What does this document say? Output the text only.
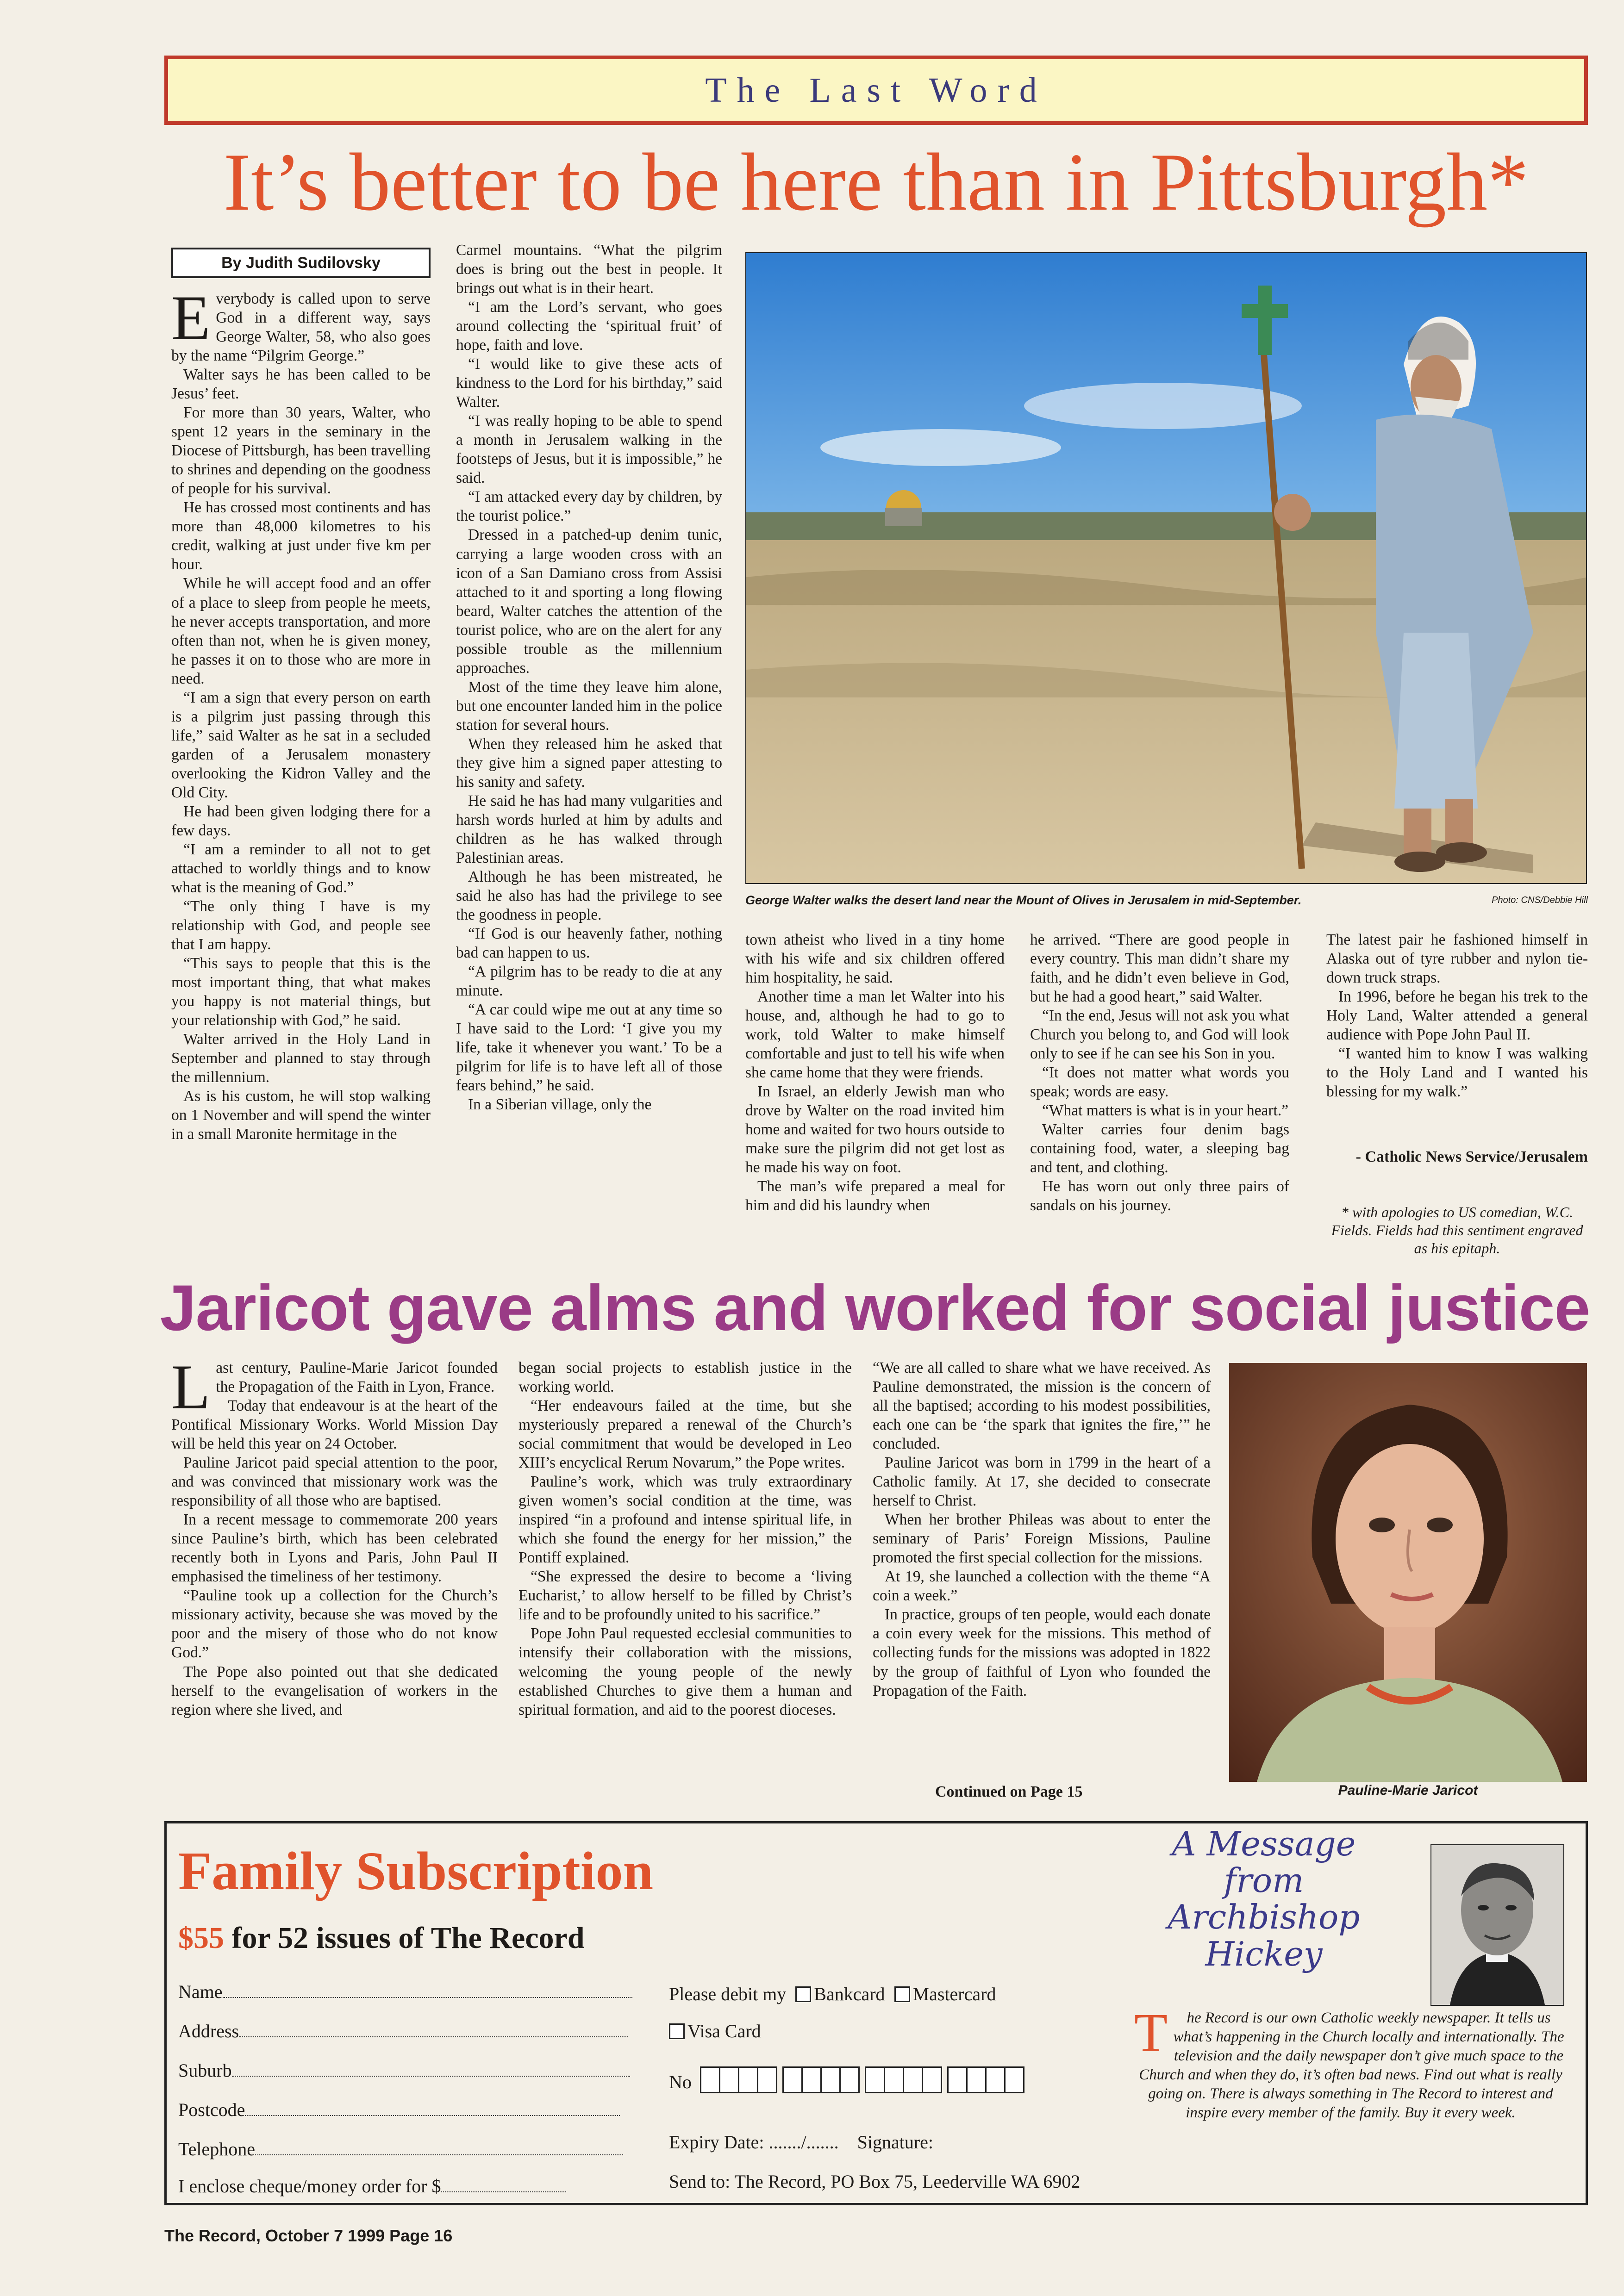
The Last Word
It’s better to be here than in Pittsburgh*
By Judith Sudilovsky
E verybody is called upon to serve God in a different way, says George Walter, 58, who also goes by the name “Pilgrim George.”

Walter says he has been called to be Jesus’ feet.

For more than 30 years, Walter, who spent 12 years in the seminary in the Diocese of Pittsburgh, has been travelling to shrines and depending on the goodness of people for his survival.

He has crossed most continents and has more than 48,000 kilometres to his credit, walking at just under five km per hour.

While he will accept food and an offer of a place to sleep from people he meets, he never accepts transportation, and more often than not, when he is given money, he passes it on to those who are more in need.

“I am a sign that every person on earth is a pilgrim just passing through this life,” said Walter as he sat in a secluded garden of a Jerusalem monastery overlooking the Kidron Valley and the Old City.

He had been given lodging there for a few days.

“I am a reminder to all not to get attached to worldly things and to know what is the meaning of God.”

“The only thing I have is my relationship with God, and people see that I am happy.

“This says to people that this is the most important thing, that what makes you happy is not material things, but your relationship with God,” he said.

Walter arrived in the Holy Land in September and planned to stay through the millennium.

As is his custom, he will stop walking on 1 November and will spend the winter in a small Maronite hermitage in the

Carmel mountains. “What the pilgrim does is bring out the best in people. It brings out what is in their heart.

“I am the Lord’s servant, who goes around collecting the ‘spiritual fruit’ of hope, faith and love.

“I would like to give these acts of kindness to the Lord for his birthday,” said Walter.

“I was really hoping to be able to spend a month in Jerusalem walking in the footsteps of Jesus, but it is impossible,” he said.

“I am attacked every day by children, by the tourist police.”

Dressed in a patched-up denim tunic, carrying a large wooden cross with an icon of a San Damiano cross from Assisi attached to it and sporting a long flowing beard, Walter catches the attention of the tourist police, who are on the alert for any possible trouble as the millennium approaches.

Most of the time they leave him alone, but one encounter landed him in the police station for several hours.

When they released him he asked that they give him a signed paper attesting to his sanity and safety.

He said he has had many vulgarities and harsh words hurled at him by adults and children as he has walked through Palestinian areas.

Although he has been mistreated, he said he also has had the privilege to see the goodness in people.

“If God is our heavenly father, nothing bad can happen to us.

“A pilgrim has to be ready to die at any minute.

“A car could wipe me out at any time so I have said to the Lord: ‘I give you my life, take it whenever you want.’ To be a pilgrim for life is to have left all of those fears behind,” he said.

In a Siberian village, only the

George Walter walks the desert land near the Mount of Olives in Jerusalem in mid-September.	Photo: CNS/Debbie Hill

town atheist who lived in a tiny home with his wife and six children offered him hospitality, he said.

Another time a man let Walter into his house, and, although he had to go to work, told Walter to make himself comfortable and just to tell his wife when she came home that they were friends.

In Israel, an elderly Jewish man who drove by Walter on the road invited him home and waited for two hours outside to make sure the pilgrim did not get lost as he made his way on foot.

The man’s wife prepared a meal for him and did his laundry when

he arrived. “There are good people in every country. This man didn’t share my faith, and he didn’t even believe in God, but he had a good heart,” said Walter.

“In the end, Jesus will not ask you what Church you belong to, and God will look only to see if he can see his Son in you.

“It does not matter what words you speak; words are easy.

“What matters is what is in your heart.”

Walter carries four denim bags containing food, water, a sleeping bag and tent, and clothing.

He has worn out only three pairs of sandals on his journey.

The latest pair he fashioned himself in Alaska out of tyre rubber and nylon tie-down truck straps.

In 1996, before he began his trek to the Holy Land, Walter attended a general audience with Pope John Paul II.

“I wanted him to know I was walking to the Holy Land and I wanted his blessing for my walk.”

- Catholic News Service/Jerusalem
* with apologies to US comedian, W.C. Fields. Fields had this sentiment engraved as his epitaph.
Jaricot gave alms and worked for social justice
L ast century, Pauline-Marie Jaricot founded the Propagation of the Faith in Lyon, France.

Today that endeavour is at the heart of the Pontifical Missionary Works. World Mission Day will be held this year on 24 October.

Pauline Jaricot paid special attention to the poor, and was convinced that missionary work was the responsibility of all those who are baptised.

In a recent message to commemorate 200 years since Pauline’s birth, which has been celebrated recently both in Lyons and Paris, John Paul II emphasised the timeliness of her testimony.

“Pauline took up a collection for the Church’s missionary activity, because she was moved by the poor and the misery of those who do not know God.”

The Pope also pointed out that she dedicated herself to the evangelisation of workers in the region where she lived, and

began social projects to establish justice in the working world.

“Her endeavours failed at the time, but she mysteriously prepared a renewal of the Church’s social commitment that would be developed in Leo XIII’s encyclical Rerum Novarum,” the Pope writes.

Pauline’s work, which was truly extraordinary given women’s social condition at the time, was inspired “in a profound and intense spiritual life, in which she found the energy for her mission,” the Pontiff explained.

“She expressed the desire to become a ‘living Eucharist,’ to allow herself to be filled by Christ’s life and to be profoundly united to his sacrifice.”

Pope John Paul requested ecclesial communities to intensify their collaboration with the missions, welcoming the young people of the newly established Churches to give them a human and spiritual formation, and aid to the poorest dioceses.

“We are all called to share what we have received. As Pauline demonstrated, the mission is the concern of all the baptised; according to his modest possibilities, each one can be ‘the spark that ignites the fire,’” he concluded.

Pauline Jaricot was born in 1799 in the heart of a Catholic family. At 17, she decided to consecrate herself to Christ.

When her brother Phileas was about to enter the seminary of Paris’ Foreign Missions, Pauline promoted the first special collection for the missions.

At 19, she launched a collection with the theme “A coin a week.”

In practice, groups of ten people, would each donate a coin every week for the missions. This method of collecting funds for the missions was adopted in 1822 by the group of faithful of Lyon who founded the Propagation of the Faith.

Continued on Page 15	Pauline-Marie Jaricot
Family Subscription
$55 for 52 issues of The Record
Name
Address
Suburb
Postcode
Telephone
I enclose cheque/money order for $
Please debit my Bankcard Mastercard
Visa Card
No
Expiry Date: ......./....... Signature:
Send to: The Record, PO Box 75, Leederville WA 6902
A Message
from
Archbishop
Hickey
T he Record is our own Catholic weekly newspaper. It tells us what’s happening in the Church locally and internationally. The television and the daily newspaper don’t give much space to the Church and when they do, it’s often bad news. Find out what is really going on. There is always something in The Record to interest and inspire every member of the family. Buy it every week.
The Record, October 7 1999 Page 16
